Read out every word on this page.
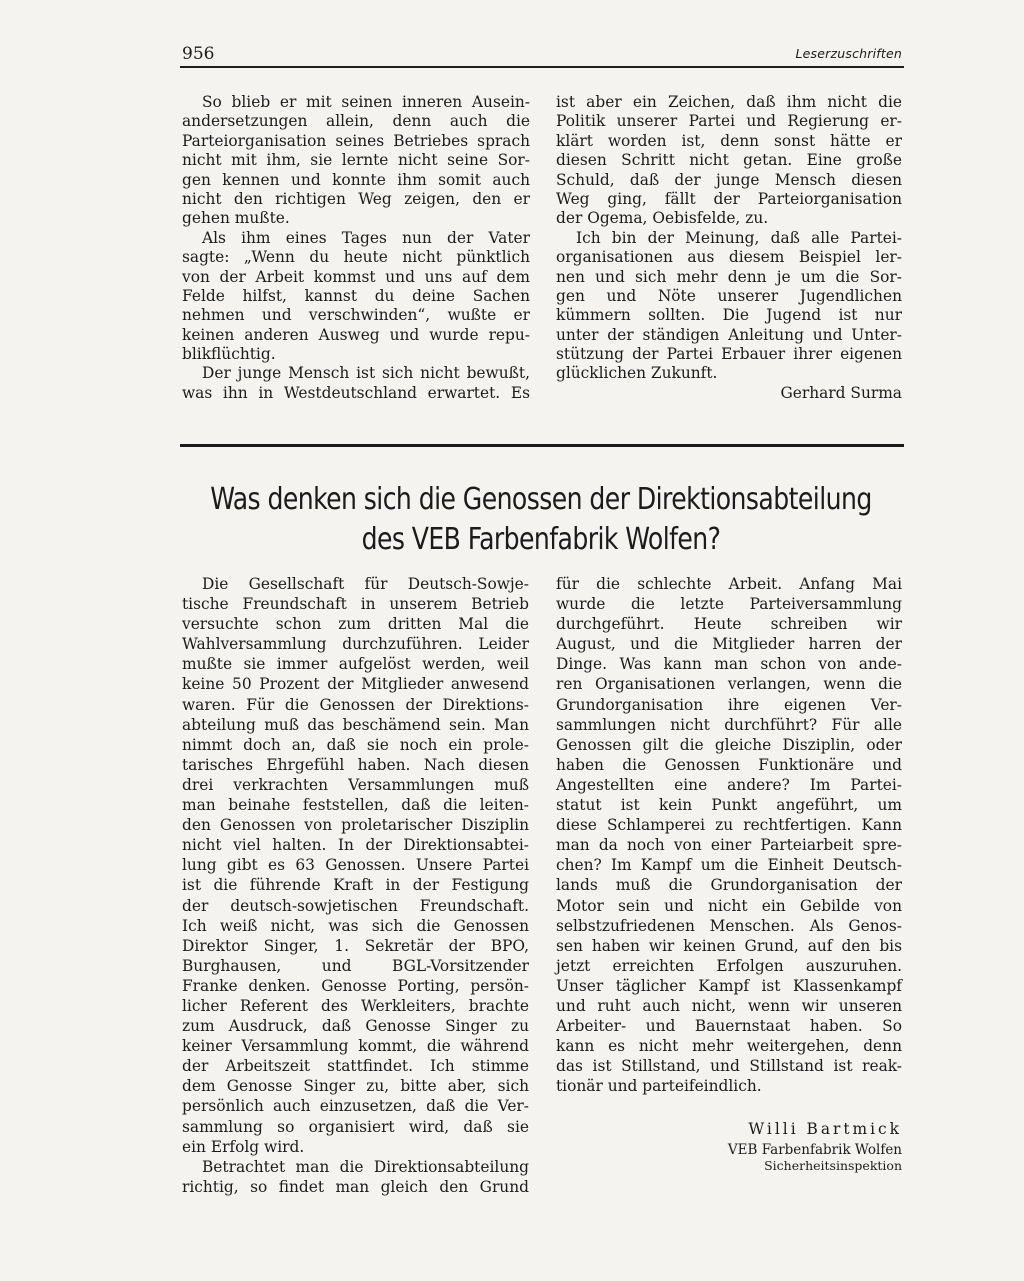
956	Leserzuschriften
So blieb er mit seinen inneren Ausein-
andersetzungen allein, denn auch die
Parteiorganisation seines Betriebes sprach
nicht mit ihm, sie lernte nicht seine Sor-
gen kennen und konnte ihm somit auch
nicht den richtigen Weg zeigen, den er
gehen mußte.
Als ihm eines Tages nun der Vater
sagte: „Wenn du heute nicht pünktlich
von der Arbeit kommst und uns auf dem
Felde hilfst, kannst du deine Sachen
nehmen und verschwinden“, wußte er
keinen anderen Ausweg und wurde repu-
blikflüchtig.
Der junge Mensch ist sich nicht bewußt,
was ihn in Westdeutschland erwartet. Es
ist aber ein Zeichen, daß ihm nicht die
Politik unserer Partei und Regierung er-
klärt worden ist, denn sonst hätte er
diesen Schritt nicht getan. Eine große
Schuld, daß der junge Mensch diesen
Weg ging, fällt der Parteiorganisation
der Ogema, Oebisfelde, zu.
Ich bin der Meinung, daß alle Partei-
organisationen aus diesem Beispiel ler-
nen und sich mehr denn je um die Sor-
gen und Nöte unserer Jugendlichen
kümmern sollten. Die Jugend ist nur
unter der ständigen Anleitung und Unter-
stützung der Partei Erbauer ihrer eigenen
glücklichen Zukunft.
Gerhard Surma
Was denken sich die Genossen der Direktionsabteilung
des VEB Farbenfabrik Wolfen?
Die Gesellschaft für Deutsch-Sowje-
tische Freundschaft in unserem Betrieb
versuchte schon zum dritten Mal die
Wahlversammlung durchzuführen. Leider
mußte sie immer aufgelöst werden, weil
keine 50 Prozent der Mitglieder anwesend
waren. Für die Genossen der Direktions-
abteilung muß das beschämend sein. Man
nimmt doch an, daß sie noch ein prole-
tarisches Ehrgefühl haben. Nach diesen
drei verkrachten Versammlungen muß
man beinahe feststellen, daß die leiten-
den Genossen von proletarischer Disziplin
nicht viel halten. In der Direktionsabtei-
lung gibt es 63 Genossen. Unsere Partei
ist die führende Kraft in der Festigung
der deutsch-sowjetischen Freundschaft.
Ich weiß nicht, was sich die Genossen
Direktor Singer, 1. Sekretär der BPO,
Burghausen, und BGL-Vorsitzender
Franke denken. Genosse Porting, persön-
licher Referent des Werkleiters, brachte
zum Ausdruck, daß Genosse Singer zu
keiner Versammlung kommt, die während
der Arbeitszeit stattfindet. Ich stimme
dem Genosse Singer zu, bitte aber, sich
persönlich auch einzusetzen, daß die Ver-
sammlung so organisiert wird, daß sie
ein Erfolg wird.
Betrachtet man die Direktionsabteilung
richtig, so findet man gleich den Grund
für die schlechte Arbeit. Anfang Mai
wurde die letzte Parteiversammlung
durchgeführt. Heute schreiben wir
August, und die Mitglieder harren der
Dinge. Was kann man schon von ande-
ren Organisationen verlangen, wenn die
Grundorganisation ihre eigenen Ver-
sammlungen nicht durchführt? Für alle
Genossen gilt die gleiche Disziplin, oder
haben die Genossen Funktionäre und
Angestellten eine andere? Im Partei-
statut ist kein Punkt angeführt, um
diese Schlamperei zu rechtfertigen. Kann
man da noch von einer Parteiarbeit spre-
chen? Im Kampf um die Einheit Deutsch-
lands muß die Grundorganisation der
Motor sein und nicht ein Gebilde von
selbstzufriedenen Menschen. Als Genos-
sen haben wir keinen Grund, auf den bis
jetzt erreichten Erfolgen auszuruhen.
Unser täglicher Kampf ist Klassenkampf
und ruht auch nicht, wenn wir unseren
Arbeiter- und Bauernstaat haben. So
kann es nicht mehr weitergehen, denn
das ist Stillstand, und Stillstand ist reak-
tionär und parteifeindlich.
Willi Bartmick
VEB Farbenfabrik Wolfen
Sicherheitsinspektion
